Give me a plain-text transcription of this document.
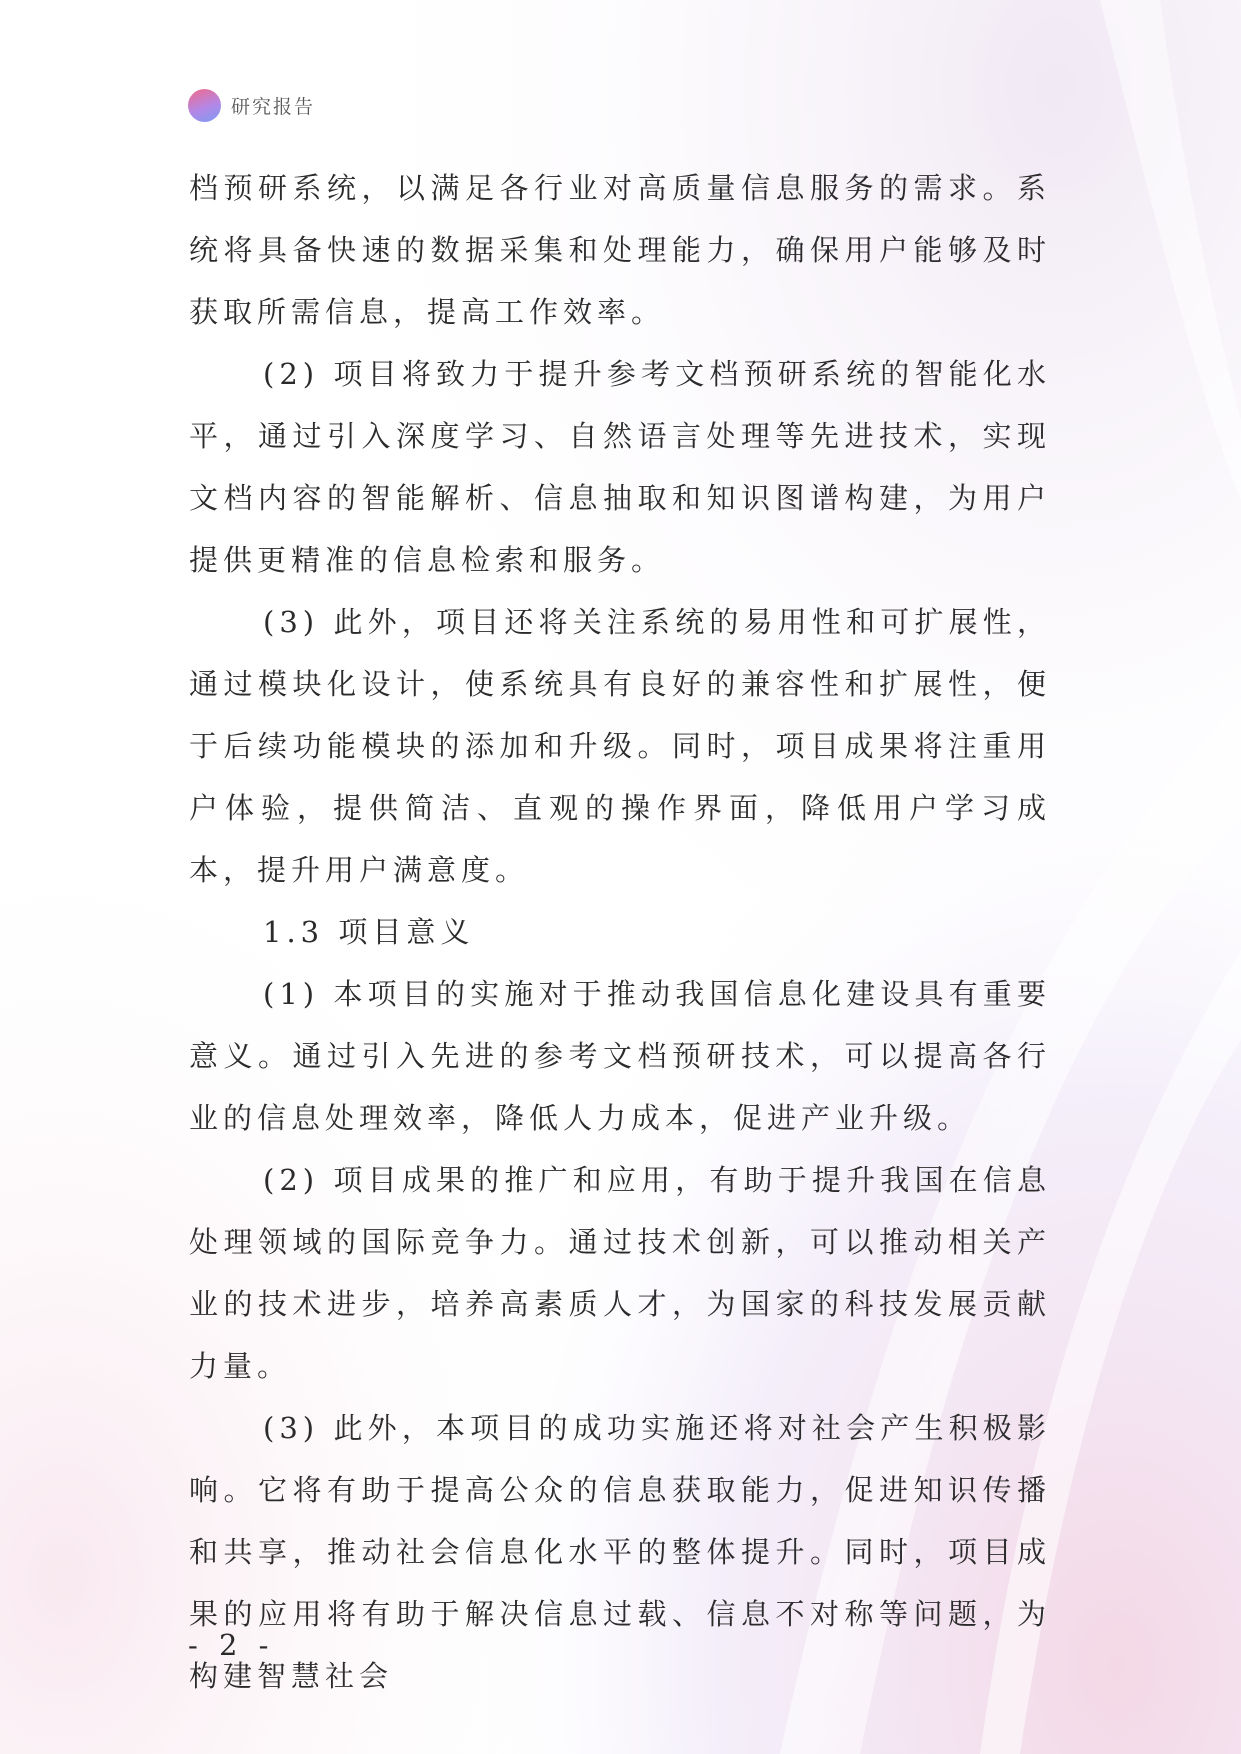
研究报告

档预研系统，以满足各行业对高质量信息服务的需求。系统将具备快速的数据采集和处理能力，确保用户能够及时获取所需信息，提高工作效率。

(2) 项目将致力于提升参考文档预研系统的智能化水平，通过引入深度学习、自然语言处理等先进技术，实现文档内容的智能解析、信息抽取和知识图谱构建，为用户提供更精准的信息检索和服务。

(3) 此外，项目还将关注系统的易用性和可扩展性，通过模块化设计，使系统具有良好的兼容性和扩展性，便于后续功能模块的添加和升级。同时，项目成果将注重用户体验，提供简洁、直观的操作界面，降低用户学习成本，提升用户满意度。

1.3 项目意义

(1) 本项目的实施对于推动我国信息化建设具有重要意义。通过引入先进的参考文档预研技术，可以提高各行业的信息处理效率，降低人力成本，促进产业升级。

(2) 项目成果的推广和应用，有助于提升我国在信息处理领域的国际竞争力。通过技术创新，可以推动相关产业的技术进步，培养高素质人才，为国家的科技发展贡献力量。

(3) 此外，本项目的成功实施还将对社会产生积极影响。它将有助于提高公众的信息获取能力，促进知识传播和共享，推动社会信息化水平的整体提升。同时，项目成果的应用将有助于解决信息过载、信息不对称等问题，为构建智慧社会

- 2 -
